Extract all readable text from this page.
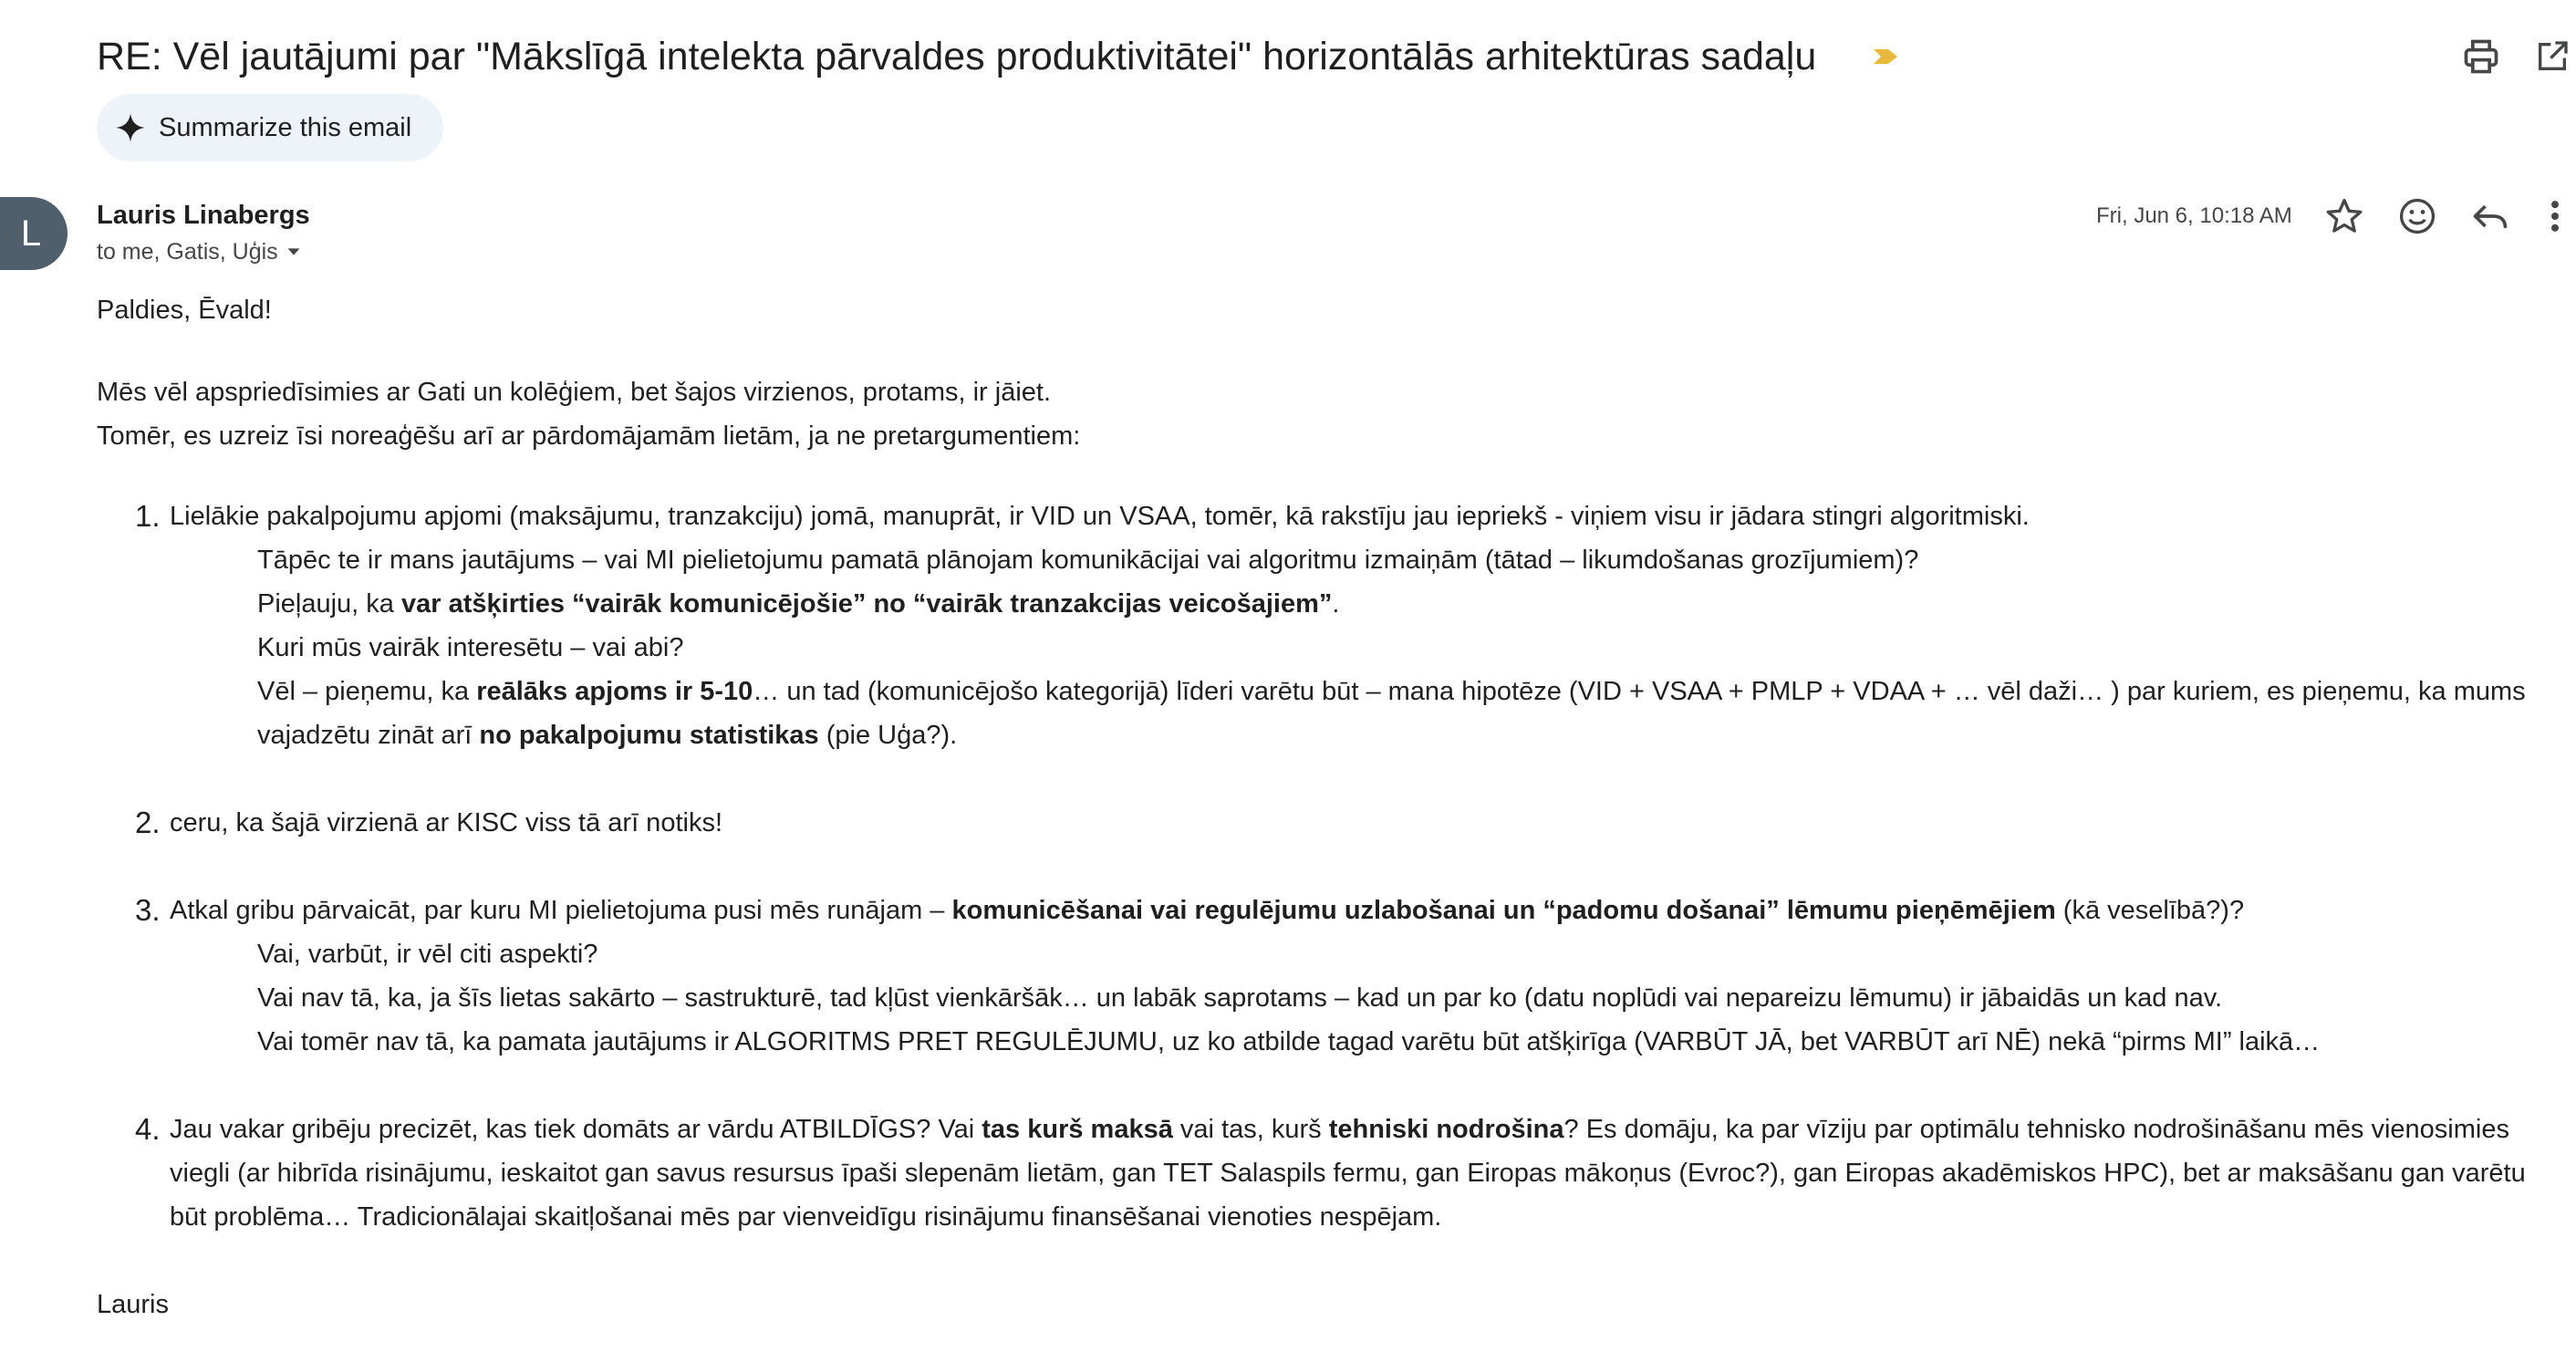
RE: Vēl jautājumi par "Mākslīgā intelekta pārvaldes produktivitātei" horizontālās arhitektūras sadaļu
Summarize this email
L	Lauris Linabergs
to me, Gatis, Uģis
Fri, Jun 6, 10:18 AM

Paldies, Ēvald!

Mēs vēl apspriedīsimies ar Gati un kolēģiem, bet šajos virzienos, protams, ir jāiet.

Tomēr, es uzreiz īsi noreaģēšu arī ar pārdomājamām lietām, ja ne pretargumentiem:

1. Lielākie pakalpojumu apjomi (maksājumu, tranzakciju) jomā, manuprāt, ir VID un VSAA, tomēr, kā rakstīju jau iepriekš - viņiem visu ir jādara stingri algoritmiski.

Tāpēc te ir mans jautājums – vai MI pielietojumu pamatā plānojam komunikācijai vai algoritmu izmaiņām (tātad – likumdošanas grozījumiem)?

Pieļauju, ka var atšķirties “vairāk komunicējošie” no “vairāk tranzakcijas veicošajiem”.

Kuri mūs vairāk interesētu – vai abi?

Vēl – pieņemu, ka reālāks apjoms ir 5-10… un tad (komunicējošo kategorijā) līderi varētu būt – mana hipotēze (VID + VSAA + PMLP + VDAA + … vēl daži… ) par kuriem, es pieņemu, ka mums vajadzētu zināt arī no pakalpojumu statistikas (pie Uģa?).

2. ceru, ka šajā virzienā ar KISC viss tā arī notiks!

3. Atkal gribu pārvaicāt, par kuru MI pielietojuma pusi mēs runājam – komunicēšanai vai regulējumu uzlabošanai un “padomu došanai” lēmumu pieņēmējiem (kā veselībā?)?

Vai, varbūt, ir vēl citi aspekti?

Vai nav tā, ka, ja šīs lietas sakārto – sastrukturē, tad kļūst vienkāršāk… un labāk saprotams – kad un par ko (datu noplūdi vai nepareizu lēmumu) ir jābaidās un kad nav.

Vai tomēr nav tā, ka pamata jautājums ir ALGORITMS PRET REGULĒJUMU, uz ko atbilde tagad varētu būt atšķirīga (VARBŪT JĀ, bet VARBŪT arī NĒ) nekā “pirms MI” laikā…

4. Jau vakar gribēju precizēt, kas tiek domāts ar vārdu ATBILDĪGS? Vai tas kurš maksā vai tas, kurš tehniski nodrošina? Es domāju, ka par vīziju par optimālu tehnisko nodrošināšanu mēs vienosimies viegli (ar hibrīda risinājumu, ieskaitot gan savus resursus īpaši slepenām lietām, gan TET Salaspils fermu, gan Eiropas mākoņus (Evroc?), gan Eiropas akadēmiskos HPC), bet ar maksāšanu gan varētu būt problēma… Tradicionālajai skaitļošanai mēs par vienveidīgu risinājumu finansēšanai vienoties nespējam.

Lauris
